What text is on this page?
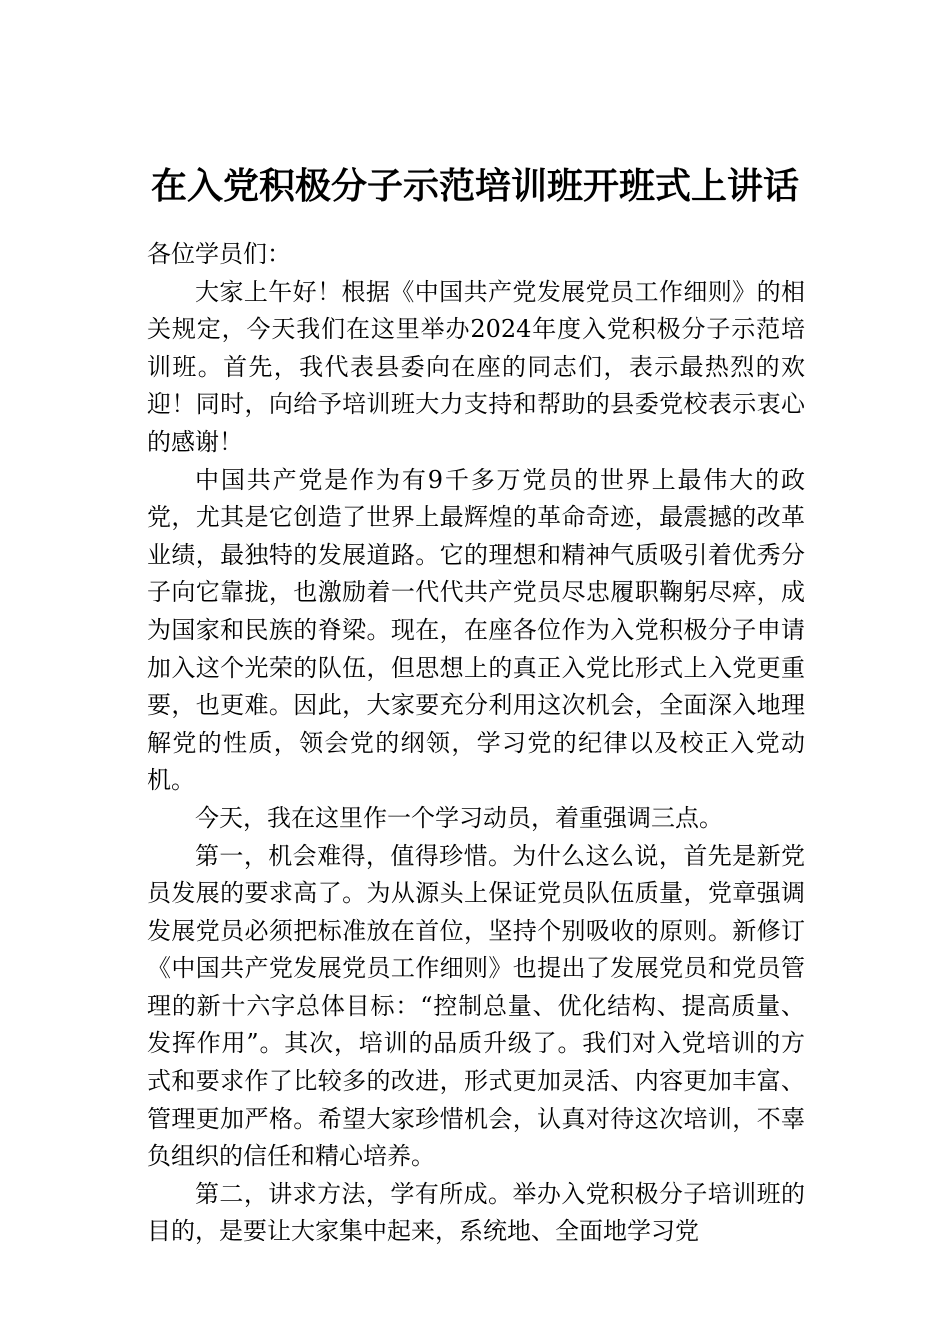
在入党积极分子示范培训班开班式上讲话

各位学员们：

大家上午好！根据《中国共产党发展党员工作细则》的相关规定，今天我们在这里举办2024年度入党积极分子示范培训班。首先，我代表县委向在座的同志们，表示最热烈的欢迎！同时，向给予培训班大力支持和帮助的县委党校表示衷心的感谢！

中国共产党是作为有9千多万党员的世界上最伟大的政党，尤其是它创造了世界上最辉煌的革命奇迹，最震撼的改革业绩，最独特的发展道路。它的理想和精神气质吸引着优秀分子向它靠拢，也激励着一代代共产党员尽忠履职鞠躬尽瘁，成为国家和民族的脊梁。现在，在座各位作为入党积极分子申请加入这个光荣的队伍，但思想上的真正入党比形式上入党更重要，也更难。因此，大家要充分利用这次机会，全面深入地理解党的性质，领会党的纲领，学习党的纪律以及校正入党动机。

今天，我在这里作一个学习动员，着重强调三点。

第一，机会难得，值得珍惜。为什么这么说，首先是新党员发展的要求高了。为从源头上保证党员队伍质量，党章强调发展党员必须把标准放在首位，坚持个别吸收的原则。新修订《中国共产党发展党员工作细则》也提出了发展党员和党员管理的新十六字总体目标：“控制总量、优化结构、提高质量、发挥作用”。其次，培训的品质升级了。我们对入党培训的方式和要求作了比较多的改进，形式更加灵活、内容更加丰富、管理更加严格。希望大家珍惜机会，认真对待这次培训，不辜负组织的信任和精心培养。

第二，讲求方法，学有所成。举办入党积极分子培训班的目的，是要让大家集中起来，系统地、全面地学习党
